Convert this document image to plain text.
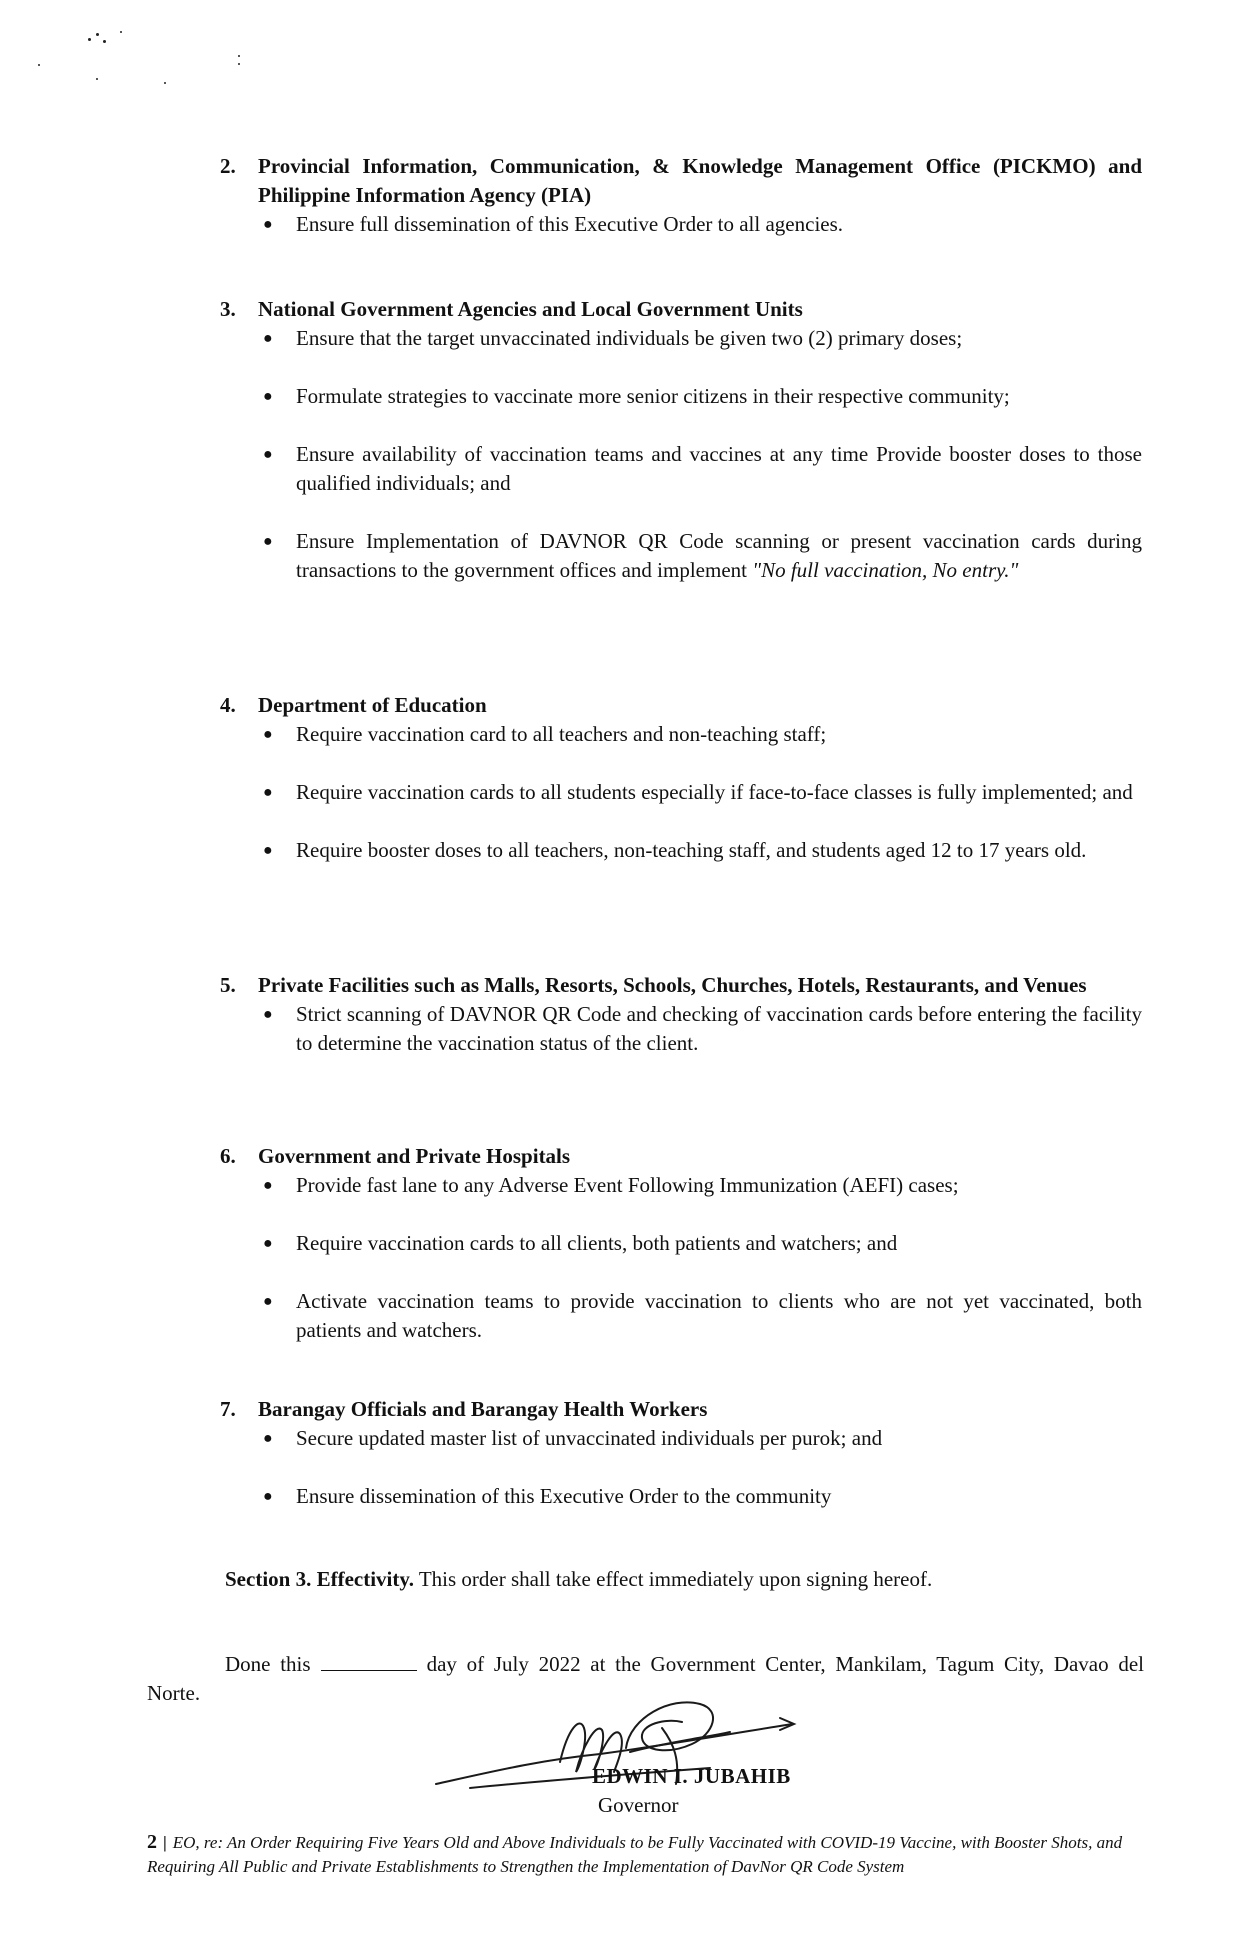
2.	Provincial Information, Communication, & Knowledge Management Office (PICKMO) and Philippine Information Agency (PIA)
●	Ensure full dissemination of this Executive Order to all agencies.
3.	National Government Agencies and Local Government Units
●	Ensure that the target unvaccinated individuals be given two (2) primary doses;
●	Formulate strategies to vaccinate more senior citizens in their respective community;
●	Ensure availability of vaccination teams and vaccines at any time Provide booster doses to those qualified individuals; and
●	Ensure Implementation of DAVNOR QR Code scanning or present vaccination cards during transactions to the government offices and implement "No full vaccination, No entry."
4.	Department of Education
●	Require vaccination card to all teachers and non-teaching staff;
●	Require vaccination cards to all students especially if face-to-face classes is fully implemented; and
●	Require booster doses to all teachers, non-teaching staff, and students aged 12 to 17 years old.
5.	Private Facilities such as Malls, Resorts, Schools, Churches, Hotels, Restaurants, and Venues
●	Strict scanning of DAVNOR QR Code and checking of vaccination cards before entering the facility to determine the vaccination status of the client.
6.	Government and Private Hospitals
●	Provide fast lane to any Adverse Event Following Immunization (AEFI) cases;
●	Require vaccination cards to all clients, both patients and watchers; and
●	Activate vaccination teams to provide vaccination to clients who are not yet vaccinated, both patients and watchers.
7.	Barangay Officials and Barangay Health Workers
●	Secure updated master list of unvaccinated individuals per purok; and
●	Ensure dissemination of this Executive Order to the community
Section 3. Effectivity. This order shall take effect immediately upon signing hereof.
Done this	day of July 2022 at the Government Center, Mankilam, Tagum City, Davao del Norte.
EDWIN I. JUBAHIB
Governor
2 | EO, re: An Order Requiring Five Years Old and Above Individuals to be Fully Vaccinated with COVID-19 Vaccine, with Booster Shots, and Requiring All Public and Private Establishments to Strengthen the Implementation of DavNor QR Code System
